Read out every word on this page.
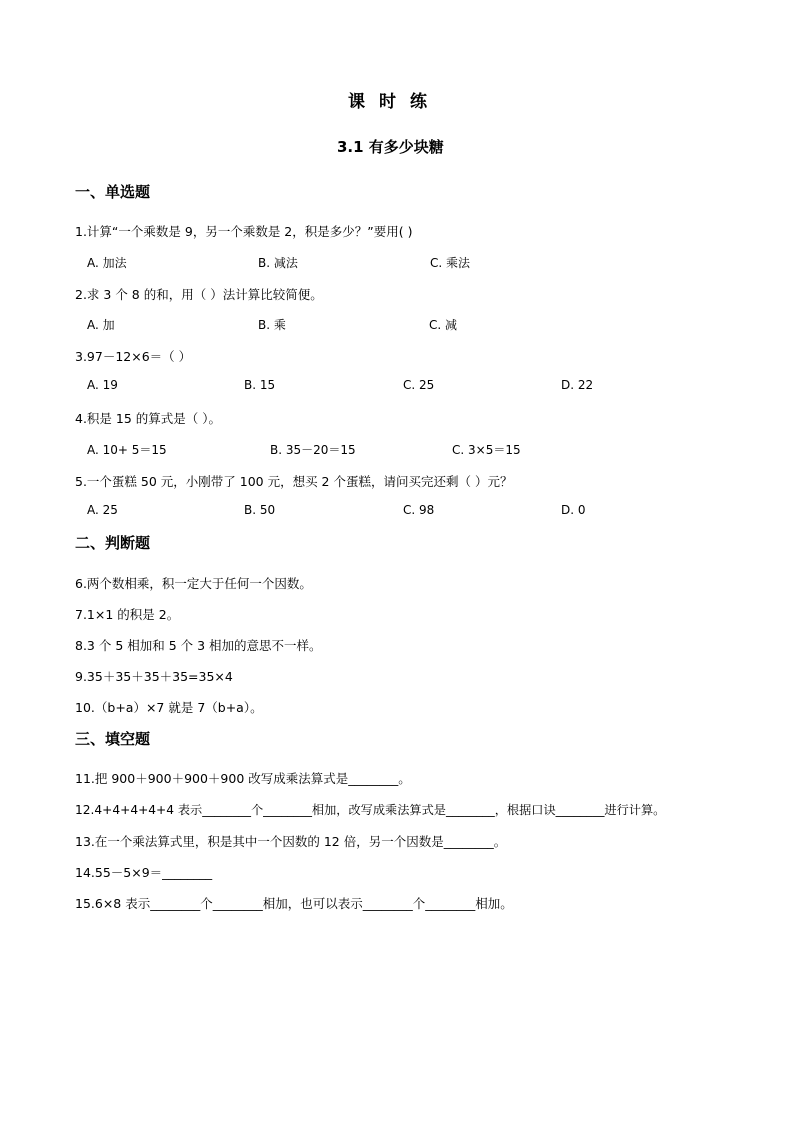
课 时 练
3.1 有多少块糖
一、单选题
1.计算“一个乘数是 9，另一个乘数是 2，积是多少？”要用( )
A. 加法	B. 减法	C. 乘法
2.求 3 个 8 的和，用（ ）法计算比较简便。
A. 加	B. 乘	C. 减
3.97－12×6＝（ ）
A. 19	B. 15	C. 25	D. 22
4.积是 15 的算式是（ ）。
A. 10+ 5＝15	B. 35－20＝15	C. 3×5＝15
5.一个蛋糕 50 元，小刚带了 100 元，想买 2 个蛋糕，请问买完还剩（ ）元？
A. 25	B. 50	C. 98	D. 0
二、判断题
6.两个数相乘，积一定大于任何一个因数。
7.1×1 的积是 2。
8.3 个 5 相加和 5 个 3 相加的意思不一样。
9.35＋35＋35＋35=35×4
10.（b+a）×7 就是 7（b+a）。
三、填空题
11.把 900＋900＋900＋900 改写成乘法算式是________。
12.4+4+4+4+4 表示________个________相加，改写成乘法算式是________，根据口诀________进行计算。
13.在一个乘法算式里，积是其中一个因数的 12 倍，另一个因数是________。
14.55－5×9＝________
15.6×8 表示________个________相加，也可以表示________个________相加。
